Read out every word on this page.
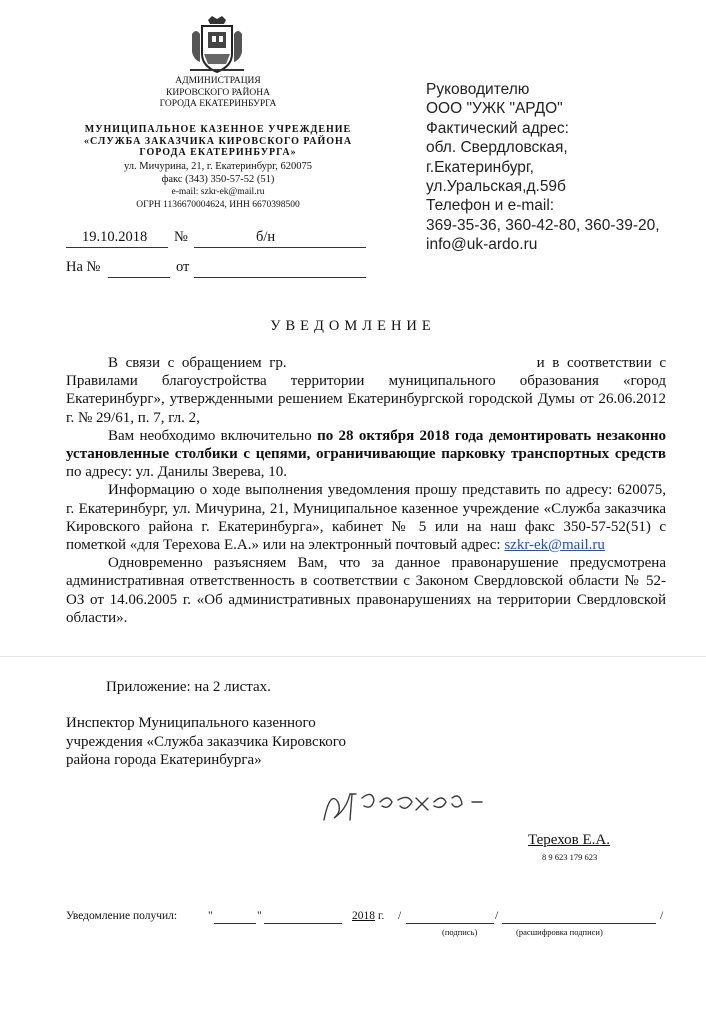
АДМИНИСТРАЦИЯ
КИРОВСКОГО РАЙОНА
ГОРОДА ЕКАТЕРИНБУРГА
МУНИЦИПАЛЬНОЕ КАЗЕННОЕ УЧРЕЖДЕНИЕ
«СЛУЖБА ЗАКАЗЧИКА КИРОВСКОГО РАЙОНА
ГОРОДА ЕКАТЕРИНБУРГА»
ул. Мичурина, 21, г. Екатеринбург, 620075
факс (343) 350-57-52 (51)
e-mail: szkr-ek@mail.ru
ОГРН 1136670004624, ИНН 6670398500
19.10.2018 №	б/н
На №	от
Руководителю
ООО "УЖК "АРДО"
Фактический адрес:
обл. Свердловская,
г.Екатеринбург,
ул.Уральская,д.59б
Телефон и e-mail:
369-35-36, 360-42-80, 360-39-20,
info@uk-ardo.ru
УВЕДОМЛЕНИЕ

В связи с обращением гр.	и в соответствии с Правилами благоустройства территории муниципального образования «город Екатеринбург», утвержденными решением Екатеринбургской городской Думы от 26.06.2012 г. № 29/61, п. 7, гл. 2,

Вам необходимо включительно по 28 октября 2018 года демонтировать незаконно установленные столбики с цепями, ограничивающие парковку транспортных средств по адресу: ул. Данилы Зверева, 10.

Информацию о ходе выполнения уведомления прошу представить по адресу: 620075, г. Екатеринбург, ул. Мичурина, 21, Муниципальное казенное учреждение «Служба заказчика Кировского района г. Екатеринбурга», кабинет № 5 или на наш факс 350-57-52(51) с пометкой «для Терехова Е.А.» или на электронный почтовый адрес: szkr-ek@mail.ru

Одновременно разъясняем Вам, что за данное правонарушение предусмотрена административная ответственность в соответствии с Законом Свердловской области № 52-ОЗ от 14.06.2005 г. «Об административных правонарушениях на территории Свердловской области».

Приложение: на 2 листах.
Инспектор Муниципального казенного
учреждения «Служба заказчика Кировского
района города Екатеринбурга»
Терехов Е.А.
8 9 623 179 623
Уведомление получил:	"	"	2018 г. /	/	/
(подпись)	(расшифровка подписи)
